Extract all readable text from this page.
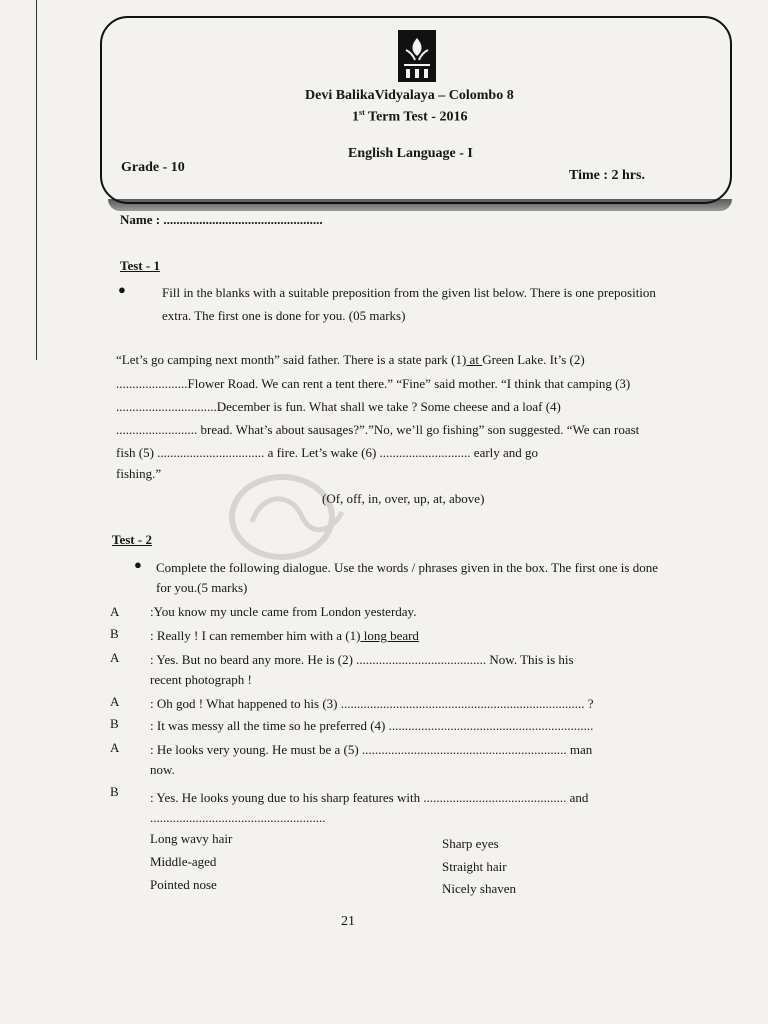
Devi BalikaVidyalaya – Colombo 8
1st Term Test - 2016
English Language - I
Grade - 10
Time : 2 hrs.
Name : .................................................
Test - 1
●	Fill in the blanks with a suitable preposition from the given list below. There is one preposition
extra. The first one is done for you. (05 marks)
“Let’s go camping next month” said father. There is a state park (1) at Green Lake. It’s (2)
......................Flower Road. We can rent a tent there.” “Fine” said mother. “I think that camping (3)
...............................December is fun. What shall we take ? Some cheese and a loaf (4)
......................... bread. What’s about sausages?”.”No, we’ll go fishing” son suggested. “We can roast
fish (5) ................................. a fire. Let’s wake (6) ............................ early and go
fishing.”
(Of, off, in, over, up, at, above)
Test - 2
● Complete the following dialogue. Use the words / phrases given in the box. The first one is done
for you.(5 marks)
A :You know my uncle came from London yesterday.
B : Really ! I can remember him with a (1) long beard
A : Yes. But no beard any more. He is (2) ........................................ Now. This is his
recent photograph !
A : Oh god ! What happened to his (3) ........................................................................... ?
B : It was messy all the time so he preferred (4) ...............................................................
A : He looks very young. He must be a (5) ............................................................... man
now.
B : Yes. He looks young due to his sharp features with ............................................ and
......................................................
Long wavy hair
Middle-aged
Pointed nose
Sharp eyes
Straight hair
Nicely shaven
21
